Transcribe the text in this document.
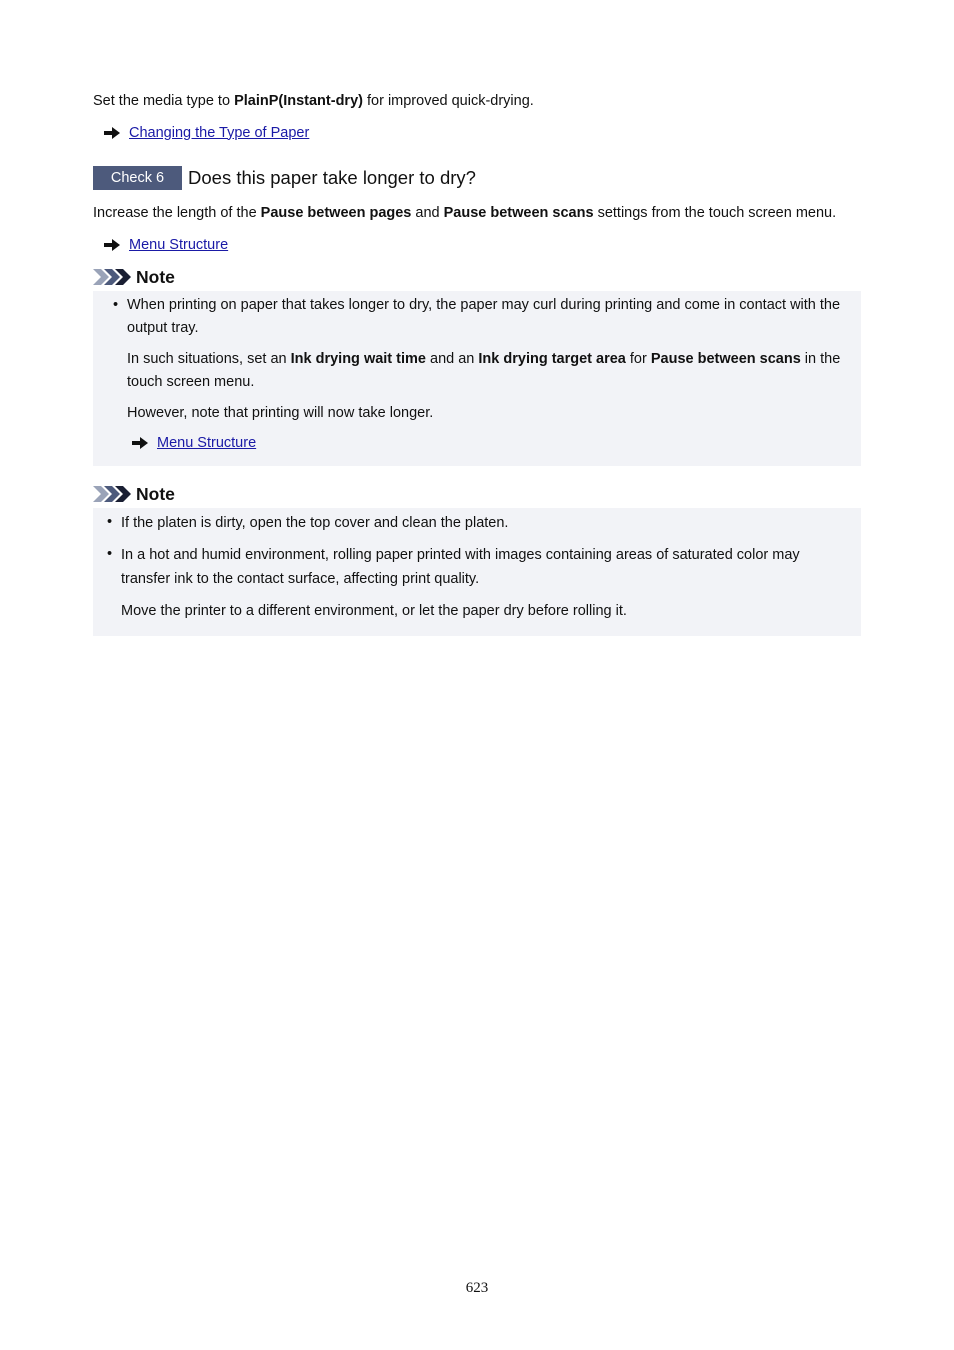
Set the media type to PlainP(Instant-dry) for improved quick-drying.

Changing the Type of Paper
Check 6	Does this paper take longer to dry?

Increase the length of the Pause between pages and Pause between scans settings from the touch screen menu.

Menu Structure
Note
• When printing on paper that takes longer to dry, the paper may curl during printing and come in contact with the output tray.

In such situations, set an Ink drying wait time and an Ink drying target area for Pause between scans in the touch screen menu.

However, note that printing will now take longer.

Menu Structure
Note
• If the platen is dirty, open the top cover and clean the platen.

• In a hot and humid environment, rolling paper printed with images containing areas of saturated color may transfer ink to the contact surface, affecting print quality.

Move the printer to a different environment, or let the paper dry before rolling it.

623
